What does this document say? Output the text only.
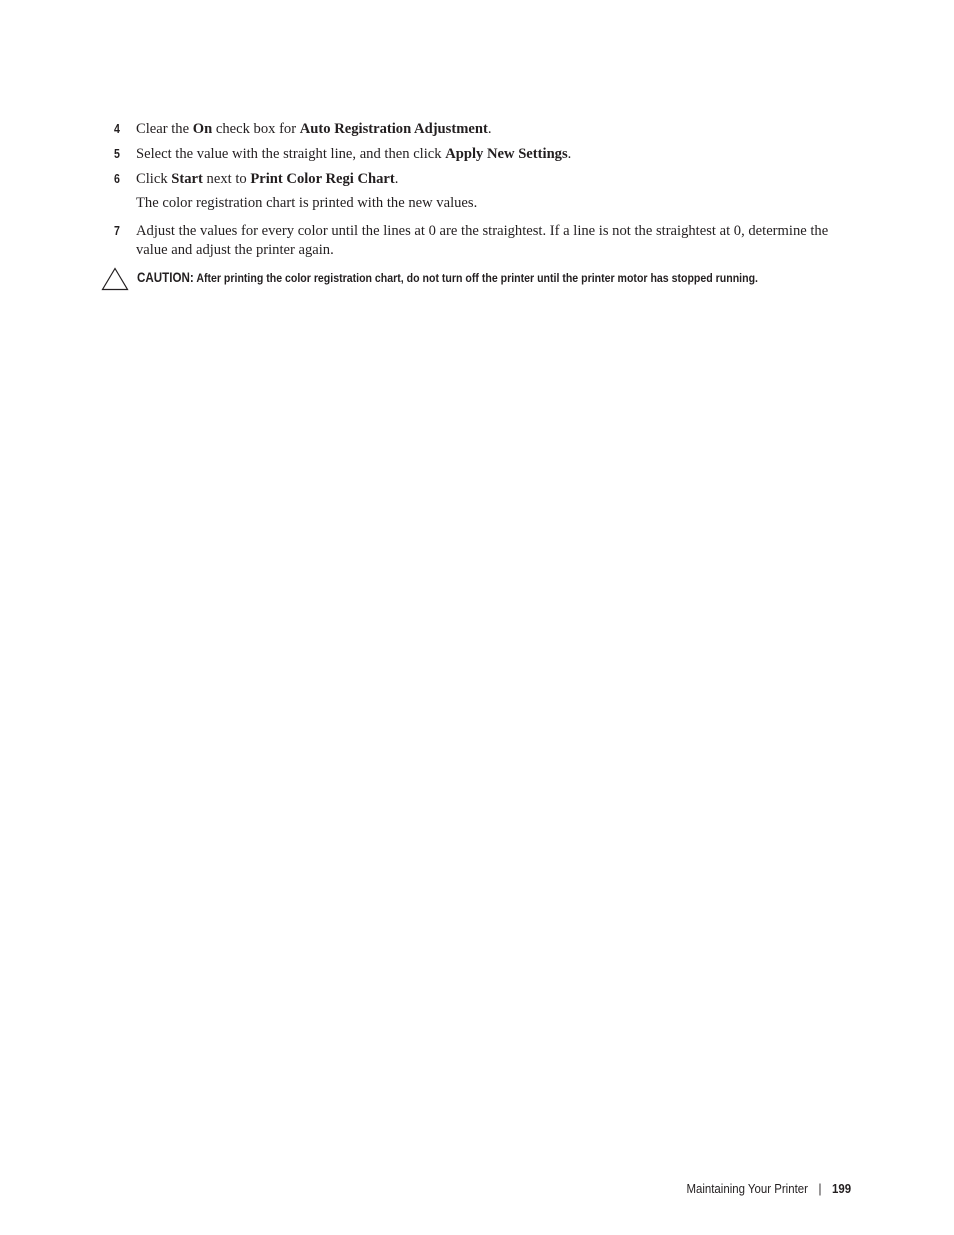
4 Clear the On check box for Auto Registration Adjustment.
5 Select the value with the straight line, and then click Apply New Settings.
6 Click Start next to Print Color Regi Chart.
The color registration chart is printed with the new values.
7 Adjust the values for every color until the lines at 0 are the straightest. If a line is not the straightest at 0, determine the value and adjust the printer again.
CAUTION: After printing the color registration chart, do not turn off the printer until the printer motor has stopped running.
Maintaining Your Printer | 199
